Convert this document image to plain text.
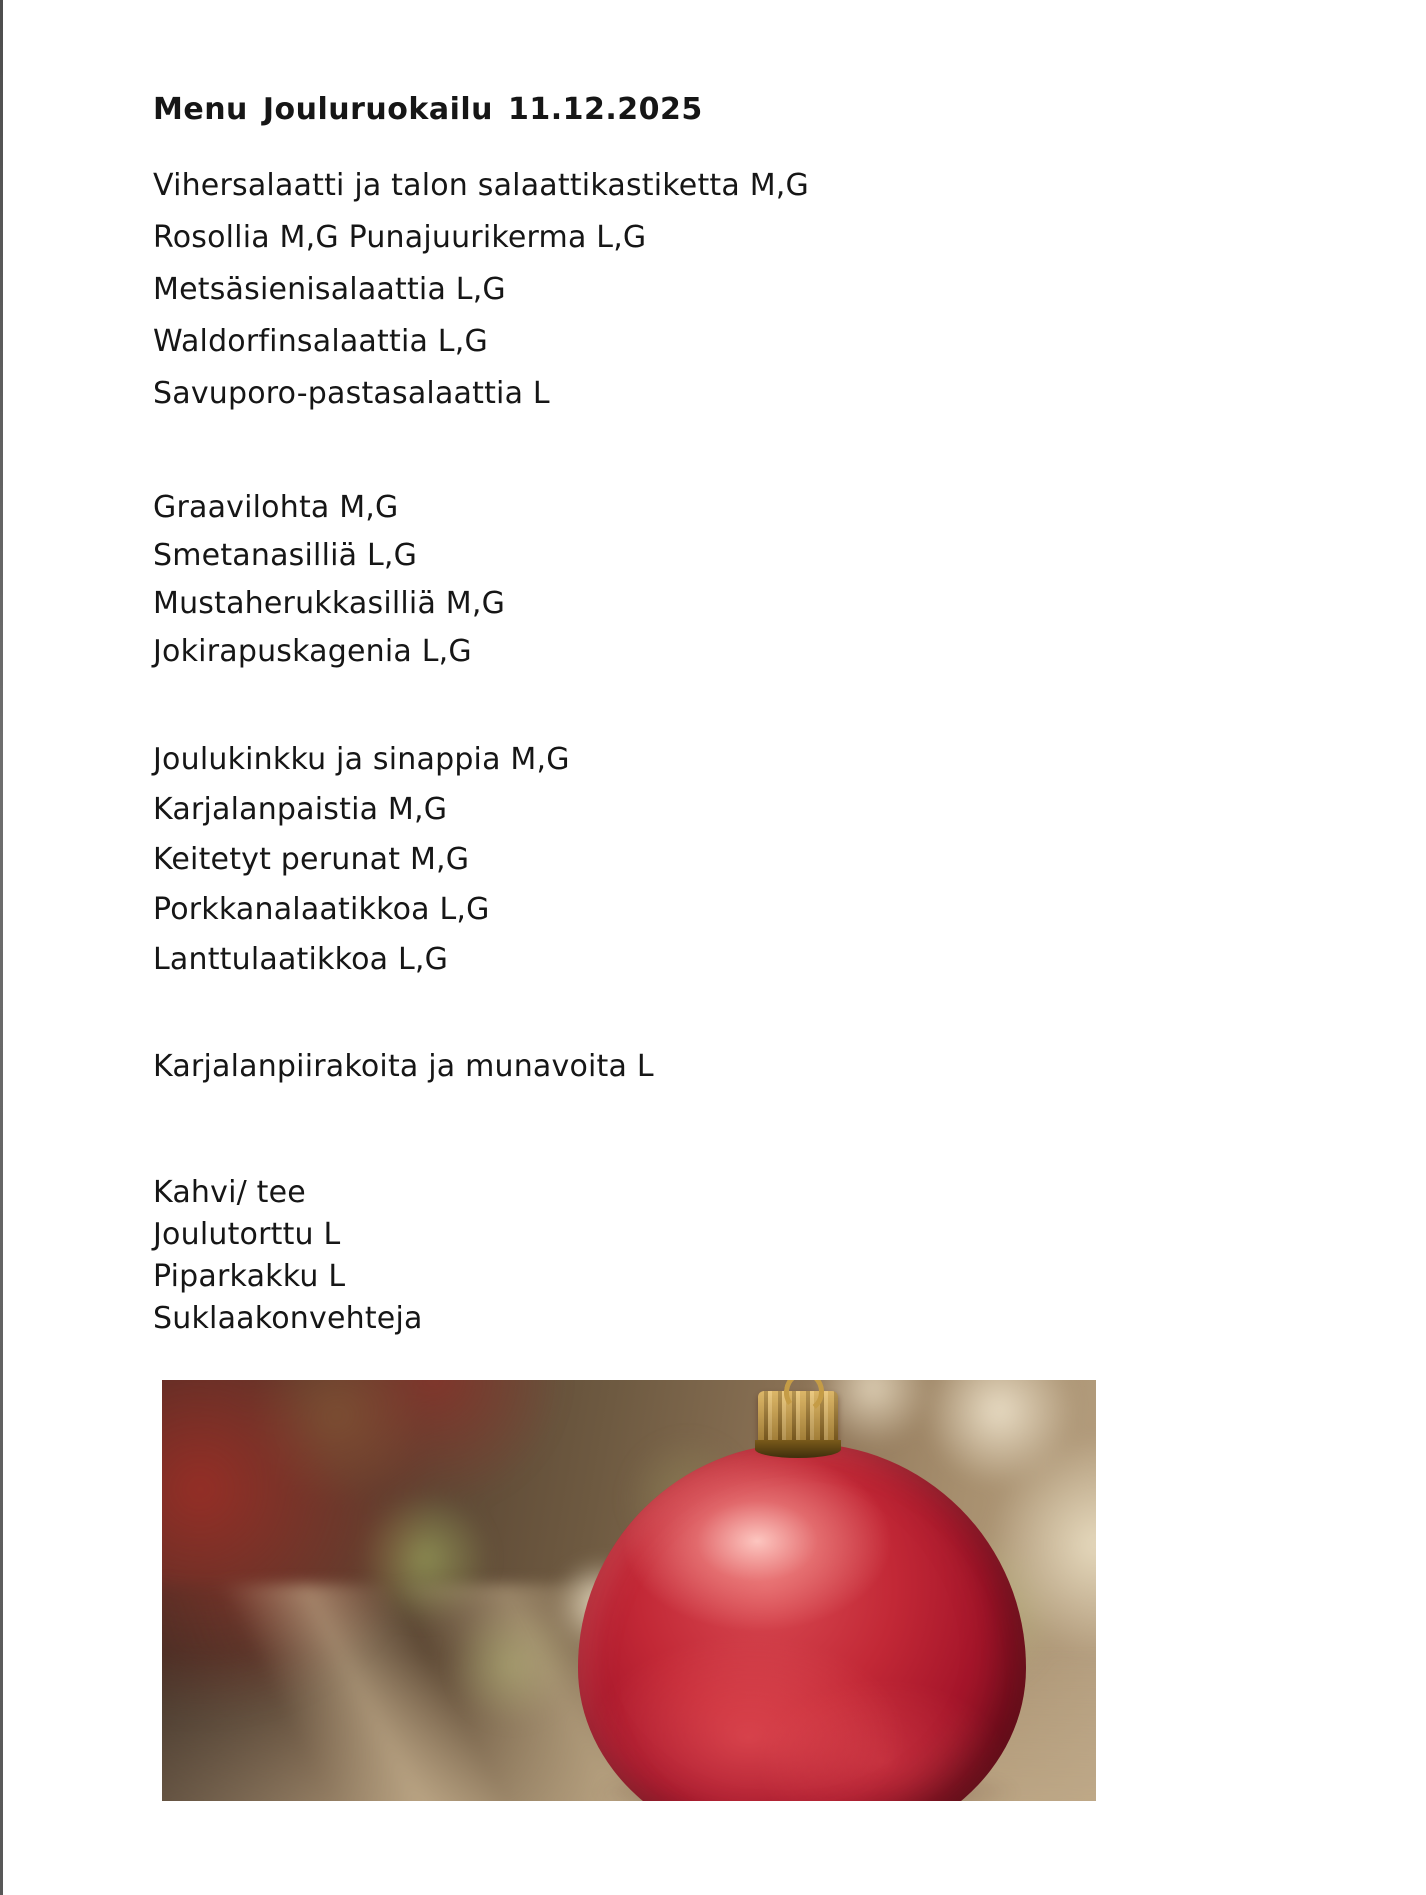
Menu Jouluruokailu 11.12.2025
Vihersalaatti ja talon salaattikastiketta M,G
Rosollia M,G Punajuurikerma L,G
Metsäsienisalaattia L,G
Waldorfinsalaattia L,G
Savuporo-pastasalaattia L
Graavilohta M,G
Smetanasilliä L,G
Mustaherukkasilliä M,G
Jokirapuskagenia L,G
Joulukinkku ja sinappia M,G
Karjalanpaistia M,G
Keitetyt perunat M,G
Porkkanalaatikkoa L,G
Lanttulaatikkoa L,G
Karjalanpiirakoita ja munavoita L
Kahvi/ tee
Joulutorttu L
Piparkakku L
Suklaakonvehteja
